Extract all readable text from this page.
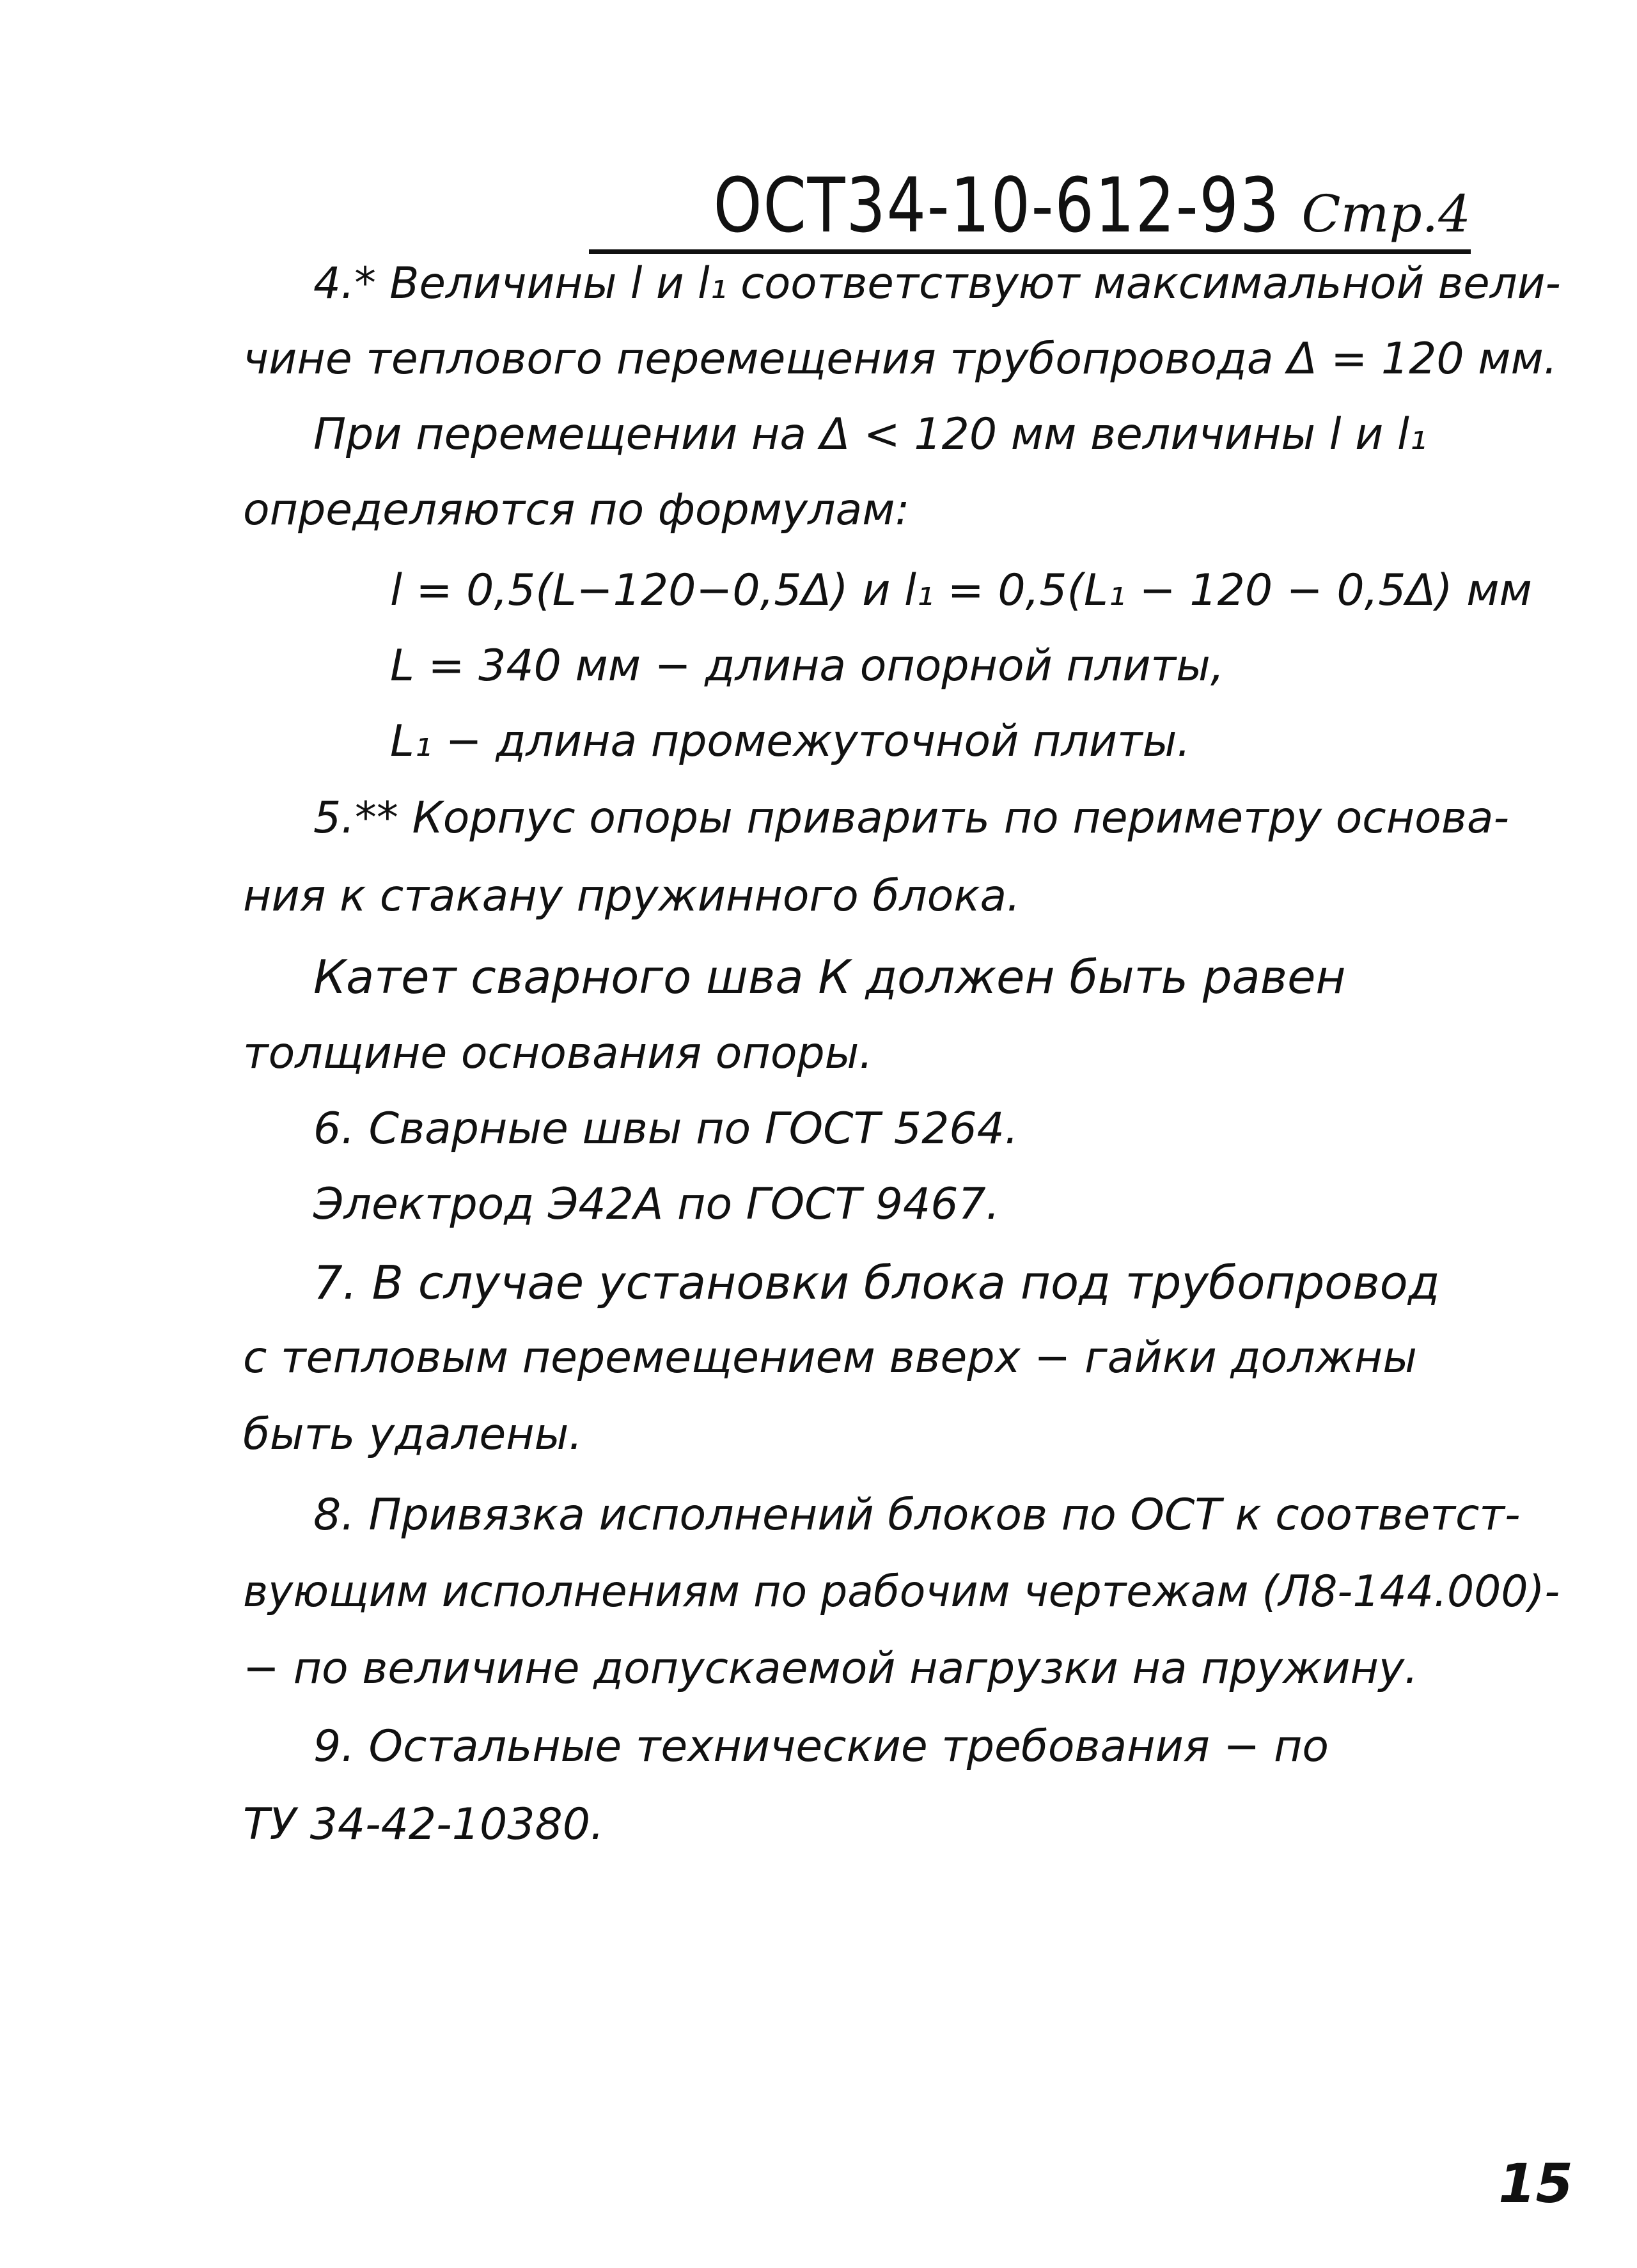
ОСТ34-10-612-93 Стр.4
4.* Величины l и l₁ соответствуют максимальной вели-
чине теплового перемещения трубопровода Δ = 120 мм.
При перемещении на Δ < 120 мм величины l и l₁
определяются по формулам:
l = 0,5(L−120−0,5Δ) и l₁ = 0,5(L₁ − 120 − 0,5Δ) мм
L = 340 мм − длина опорной плиты,
L₁ − длина промежуточной плиты.
5.** Корпус опоры приварить по периметру основа-
ния к стакану пружинного блока.
Катет сварного шва К должен быть равен
толщине основания опоры.
6. Сварные швы по ГОСТ 5264.
Электрод Э42А по ГОСТ 9467.
7. В случае установки блока под трубопровод
с тепловым перемещением вверх − гайки должны
быть удалены.
8. Привязка исполнений блоков по ОСТ к соответст-
вующим исполнениям по рабочим чертежам (Л8-144.000)-
− по величине допускаемой нагрузки на пружину.
9. Остальные технические требования − по
ТУ 34-42-10380.
15
